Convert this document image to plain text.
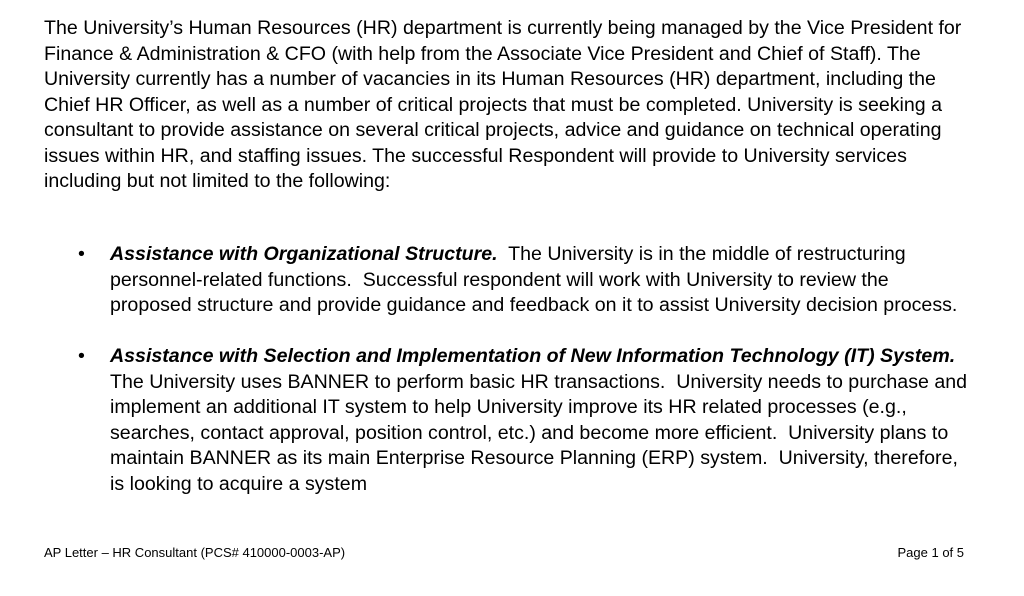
The University’s Human Resources (HR) department is currently being managed by the Vice President for Finance & Administration & CFO (with help from the Associate Vice President and Chief of Staff). The University currently has a number of vacancies in its Human Resources (HR) department, including the Chief HR Officer, as well as a number of critical projects that must be completed. University is seeking a consultant to provide assistance on several critical projects, advice and guidance on technical operating issues within HR, and staffing issues. The successful Respondent will provide to University services including but not limited to the following:

• Assistance with Organizational Structure.  The University is in the middle of restructuring personnel-related functions.  Successful respondent will work with University to review the proposed structure and provide guidance and feedback on it to assist University decision process.
• Assistance with Selection and Implementation of New Information Technology (IT) System.  The University uses BANNER to perform basic HR transactions.  University needs to purchase and implement an additional IT system to help University improve its HR related processes (e.g., searches, contact approval, position control, etc.) and become more efficient.  University plans to maintain BANNER as its main Enterprise Resource Planning (ERP) system.  University, therefore, is looking to acquire a system
AP Letter – HR Consultant (PCS# 410000-0003-AP)	Page 1 of 5
